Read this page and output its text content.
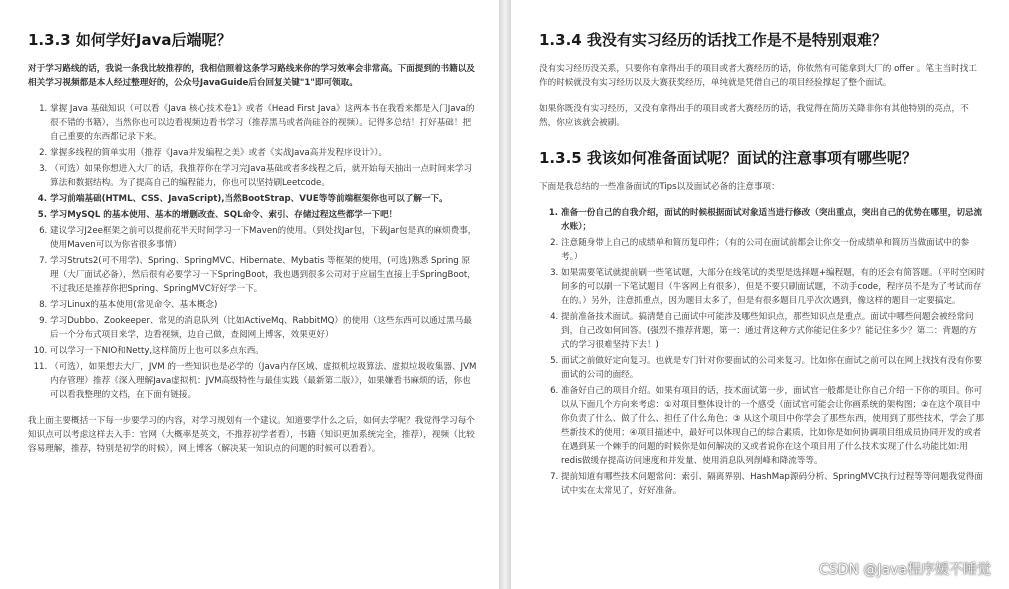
1.3.3 如何学好Java后端呢？

对于学习路线的话，我说一条我比较推荐的，我相信照着这条学习路线来你的学习效率会非常高。下面提到的书籍以及相关学习视频都是本人经过整理好的，公众号JavaGuide后台回复关键"1"即可领取。

1. 掌握 Java 基础知识（可以看《Java 核心技术卷1》或者《Head First Java》这两本书在我看来都是入门Java的很不错的书籍），当然你也可以边看视频边看书学习（推荐黑马或者尚硅谷的视频）。记得多总结！打好基础！把自己重要的东西都记录下来。
2. 掌握多线程的简单实用（推荐《Java并发编程之美》或者《实战Java高并发程序设计》）。
3. （可选）如果你想进入大厂的话，我推荐你在学习完Java基础或者多线程之后，就开始每天抽出一点时间来学习算法和数据结构。为了提高自己的编程能力，你也可以坚持刷Leetcode。
4. 学习前端基础(HTML、CSS、JavaScript),当然BootStrap、VUE等等前端框架你也可以了解一下。
5. 学习MySQL 的基本使用、基本的增删改查、SQL命令、索引、存储过程这些都学一下吧！
6. 建议学习J2ee框架之前可以提前花半天时间学习一下Maven的使用。（到处找Jar包，下载Jar包是真的麻烦费事，使用Maven可以为你省很多事情）
7. 学习Struts2(可不用学)、Spring、SpringMVC、Hibernate、Mybatis 等框架的使用，(可选)熟悉 Spring 原理（大厂面试必备），然后很有必要学习一下SpringBoot，我也遇到很多公司对于应届生直接上手SpringBoot，不过我还是推荐你把Spring、SpringMVC好好学一下。
8. 学习Linux的基本使用(常见命令、基本概念)
9. 学习Dubbo、Zookeeper、常见的消息队列（比如ActiveMq、RabbitMQ）的使用（这些东西可以通过黑马最后一个分布式项目来学，边看视频，边自己做，查阅网上博客，效果更好）
10. 可以学习一下NIO和Netty,这样简历上也可以多点东西。
11. （可选），如果想去大厂，JVM 的一些知识也是必学的（Java内存区域、虚拟机垃圾算法、虚拟垃圾收集器、JVM内存管理）推荐《深入理解Java虚拟机：JVM高级特性与最佳实践（最新第二版）》，如果嫌看书麻烦的话，你也可以看我整理的文档，在下面有链接。

我上面主要概括一下每一步要学习的内容，对学习规划有一个建议。知道要学什么之后，如何去学呢？我觉得学习每个知识点可以考虑这样去入手：官网（大概率是英文，不推荐初学者看），书籍（知识更加系统完全，推荐），视频（比较容易理解，推荐，特别是初学的时候），网上博客（解决某一知识点的问题的时候可以看看）。

1.3.4 我没有实习经历的话找工作是不是特别艰难？

没有实习经历没关系，只要你有拿得出手的项目或者大赛经历的话，你依然有可能拿到大厂的 offer 。笔主当时找工作的时候就没有实习经历以及大赛获奖经历，单纯就是凭借自己的项目经验撑起了整个面试。

如果你既没有实习经历，又没有拿得出手的项目或者大赛经历的话，我觉得在简历关降非你有其他特别的亮点，不然，你应该就会被刷。

1.3.5 我该如何准备面试呢？面试的注意事项有哪些呢？

下面是我总结的一些准备面试的Tips以及面试必备的注意事项：

1. 准备一份自己的自我介绍，面试的时候根据面试对象适当进行修改（突出重点，突出自己的优势在哪里，切忌流水账）；
2. 注意随身带上自己的成绩单和简历复印件；（有的公司在面试前都会让你交一份成绩单和简历当做面试中的参考。）
3. 如果需要笔试就提前刷一些笔试题，大部分在线笔试的类型是选择题+编程题，有的还会有简答题。（平时空闲时间多的可以刷一下笔试题目（牛客网上有很多），但是不要只刷面试题，不动手code，程序员不是为了考试而存在的。）另外，注意抓重点，因为题目太多了，但是有很多题目几乎次次遇到，像这样的题目一定要搞定。
4. 提前准备技术面试。搞清楚自己面试中可能涉及哪些知识点，那些知识点是重点。面试中哪些问题会被经常问到，自己改如何回答。(强烈不推荐背题，第一：通过背这种方式你能记住多少？能记住多少？第二：背题的方式的学习很难坚持下去！)
5. 面试之前做好定向复习。也就是专门针对你要面试的公司来复习。比如你在面试之前可以在网上找找有没有你要面试的公司的面经。
6. 准备好自己的项目介绍。如果有项目的话，技术面试第一步，面试官一般都是让你自己介绍一下你的项目。你可以从下面几个方向来考虑：①对项目整体设计的一个感受（面试官可能会让你画系统的架构图；②在这个项目中你负责了什么、做了什么、担任了什么角色；③ 从这个项目中你学会了那些东西，使用到了那些技术，学会了那些新技术的使用；④项目描述中，最好可以体现自己的综合素质，比如你是如何协调项目组成员协同开发的或者在遇到某一个棘手的问题的时候你是如何解决的又或者说你在这个项目用了什么技术实现了什么功能比如:用redis做缓存提高访问速度和并发量、使用消息队列削峰和降流等等。
7. 提前知道有哪些技术问题常问：索引、隔离界别、HashMap源码分析、SpringMVC执行过程等等问题我觉得面试中实在太常见了，好好准备。
CSDN @Java程序媛不睡觉
